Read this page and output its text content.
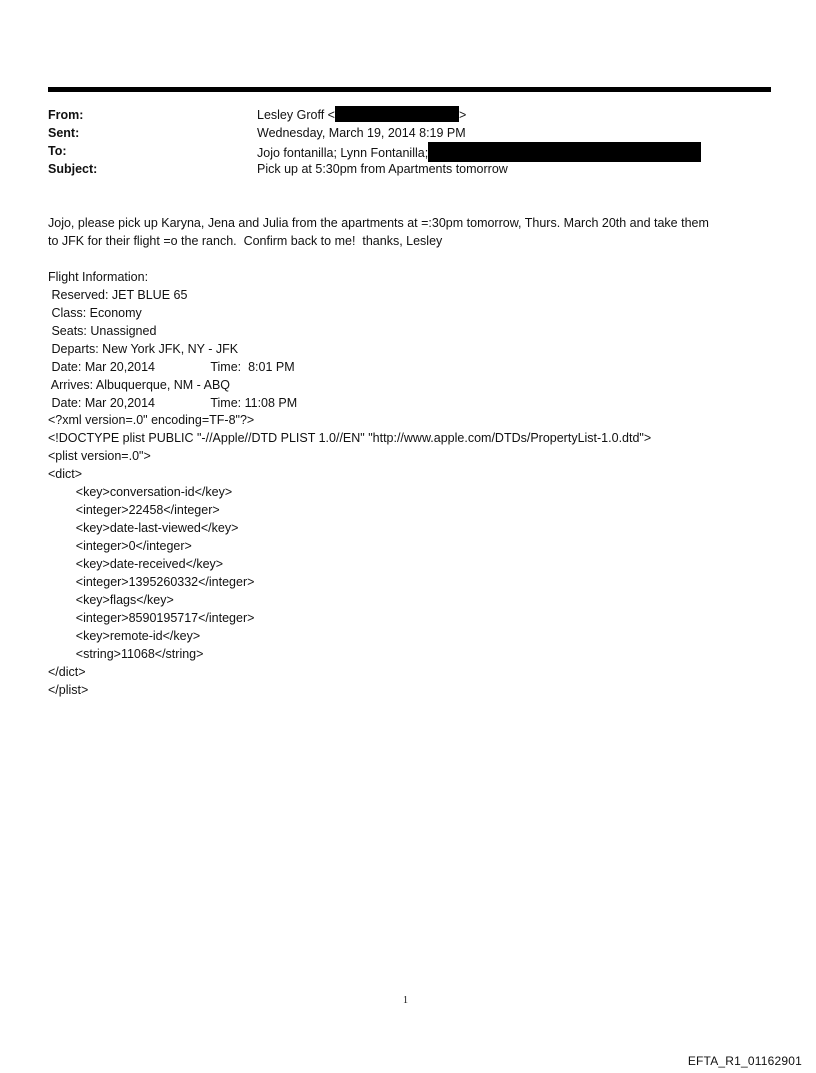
From:	Lesley Groff <	>
Sent:	Wednesday, March 19, 2014 8:19 PM
To:	Jojo fontanilla; Lynn Fontanilla;
Subject:	Pick up at 5:30pm from Apartments tomorrow
Jojo, please pick up Karyna, Jena and Julia from the apartments at =:30pm tomorrow, Thurs. March 20th and take them
to JFK for their flight =o the ranch.  Confirm back to me!  thanks, Lesley
Flight Information:
Reserved: JET BLUE 65
Class: Economy
Seats: Unassigned
Departs: New York JFK, NY - JFK
Date: Mar 20,2014                Time:  8:01 PM
Arrives: Albuquerque, NM - ABQ
Date: Mar 20,2014                Time: 11:08 PM
<?xml version=.0" encoding=TF-8"?>
<!DOCTYPE plist PUBLIC "-//Apple//DTD PLIST 1.0//EN" "http://www.apple.com/DTDs/PropertyList-1.0.dtd">
<plist version=.0">
<dict>
<key>conversation-id</key>
<integer>22458</integer>
<key>date-last-viewed</key>
<integer>0</integer>
<key>date-received</key>
<integer>1395260332</integer>
<key>flags</key>
<integer>8590195717</integer>
<key>remote-id</key>
<string>11068</string>
</dict>
</plist>
1
EFTA_R1_01162901
